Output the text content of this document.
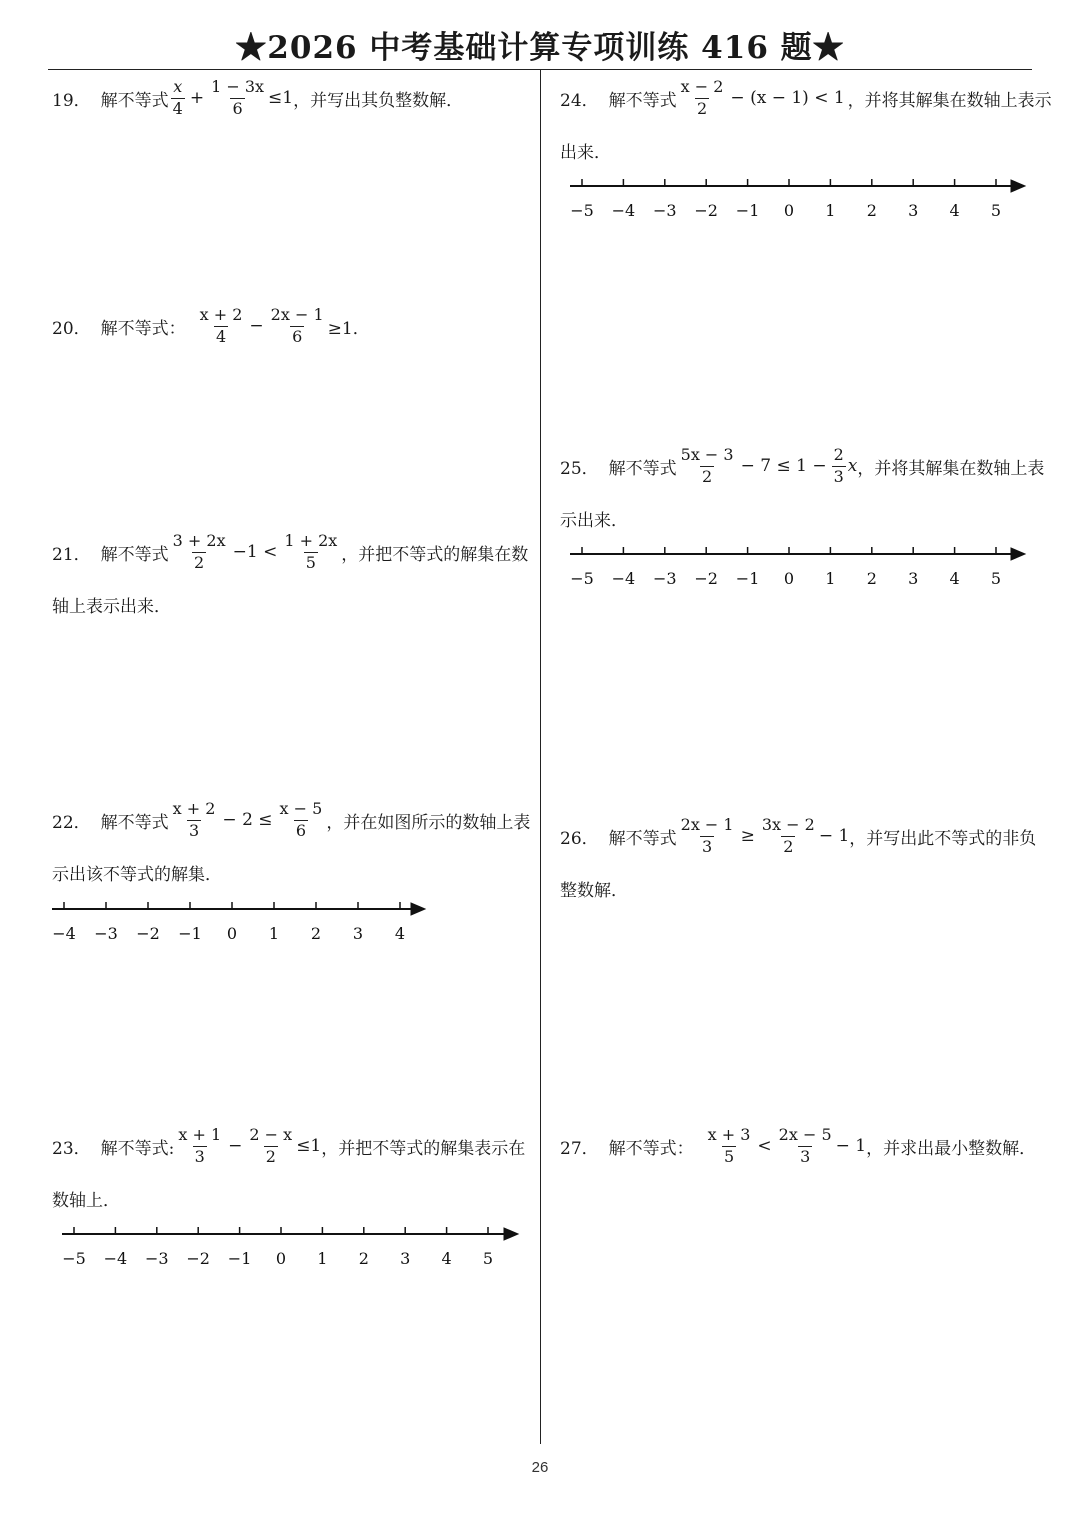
★2026 中考基础计算专项训练 416 题★
19． 解不等式 $\frac{x}{4} + \frac{1 - 3x}{6} \le 1$ ，并写出其负整数解．
20． 解不等式： $\frac{x + 2}{4} - \frac{2x - 1}{6} \ge 1$．
21． 解不等式 $\frac{3 + 2x}{2} -1 < \frac{1 + 2x}{5}$ ，并把不等式的解集在数
轴上表示出来．
22． 解不等式 $\frac{x + 2}{3} - 2 \le \frac{x - 5}{6}$ ，并在如图所示的数轴上表
示出该不等式的解集．
−4 −3 −2 −1 0 1 2 3 4
23． 解不等式: $\frac{x + 1}{3} - \frac{2 - x}{2} \le 1$ ，并把不等式的解集表示在
数轴上．
−5 −4 −3 −2 −1 0 1 2 3 4 5
24． 解不等式 $\frac{x - 2}{2} - (x - 1) < 1$ ，并将其解集在数轴上表示
出来．
−5 −4 −3 −2 −1 0 1 2 3 4 5
25． 解不等式 $\frac{5x - 3}{2} - 7 \le 1 - \frac{2}{3}$ x ，并将其解集在数轴上表
示出来．
−5 −4 −3 −2 −1 0 1 2 3 4 5
26． 解不等式 $\frac{2x - 1}{3} \ge \frac{3x - 2}{2} - 1$ ，并写出此不等式的非负
整数解．
27． 解不等式： $\frac{x + 3}{5} < \frac{2x - 5}{3} - 1$ ，并求出最小整数解．
26
